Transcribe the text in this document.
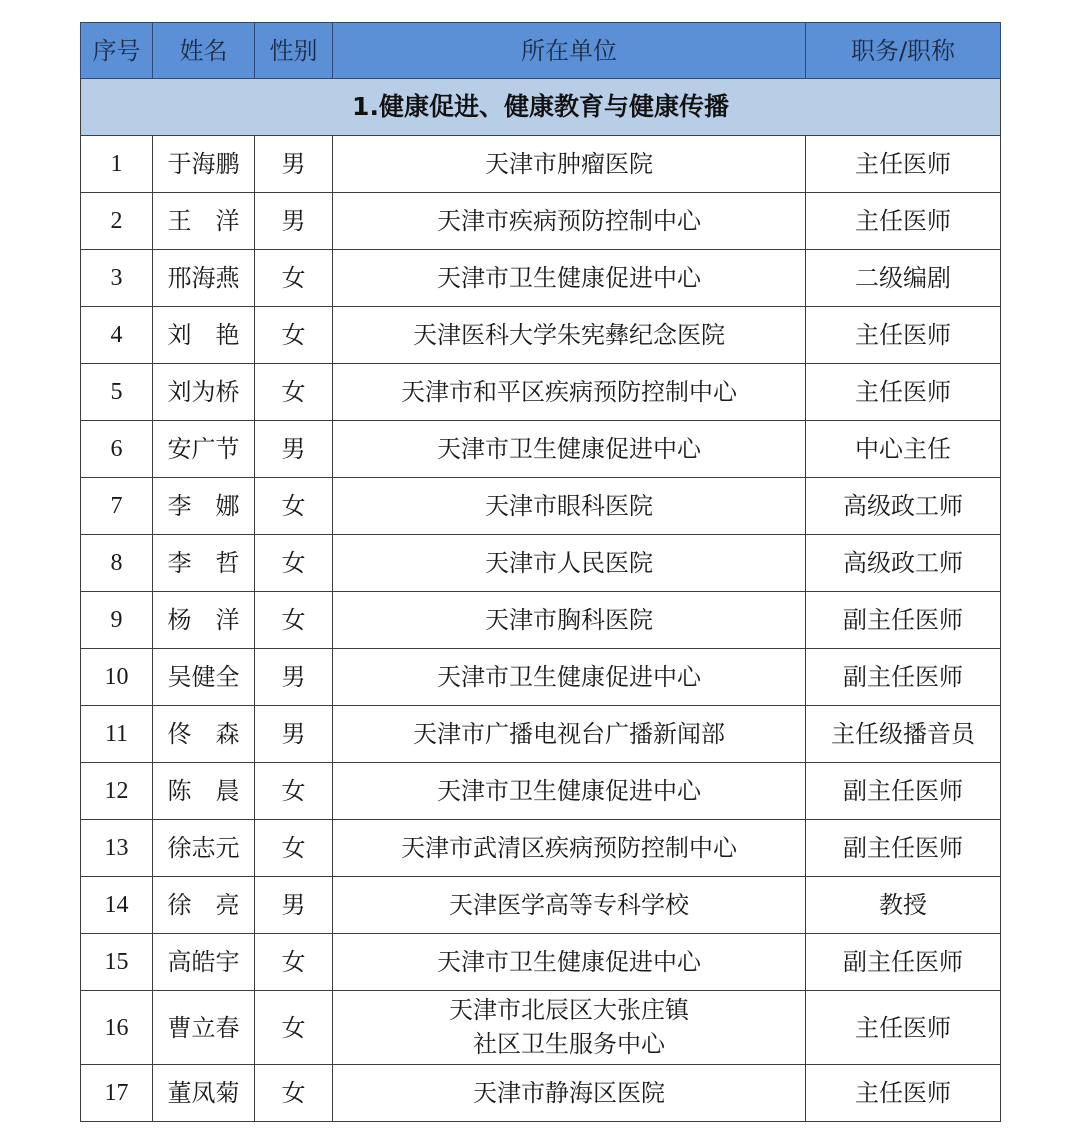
序号	姓名	性别	所在单位	职务/职称
1.健康促进、健康教育与健康传播				
1	于海鹏	男	天津市肿瘤医院	主任医师
2	王　洋	男	天津市疾病预防控制中心	主任医师
3	邢海燕	女	天津市卫生健康促进中心	二级编剧
4	刘　艳	女	天津医科大学朱宪彝纪念医院	主任医师
5	刘为桥	女	天津市和平区疾病预防控制中心	主任医师
6	安广节	男	天津市卫生健康促进中心	中心主任
7	李　娜	女	天津市眼科医院	高级政工师
8	李　哲	女	天津市人民医院	高级政工师
9	杨　洋	女	天津市胸科医院	副主任医师
10	吴健全	男	天津市卫生健康促进中心	副主任医师
11	佟　森	男	天津市广播电视台广播新闻部	主任级播音员
12	陈　晨	女	天津市卫生健康促进中心	副主任医师
13	徐志元	女	天津市武清区疾病预防控制中心	副主任医师
14	徐　亮	男	天津医学高等专科学校	教授
15	高皓宇	女	天津市卫生健康促进中心	副主任医师
16	曹立春	女	天津市北辰区大张庄镇
社区卫生服务中心	主任医师
17	董凤菊	女	天津市静海区医院	主任医师
